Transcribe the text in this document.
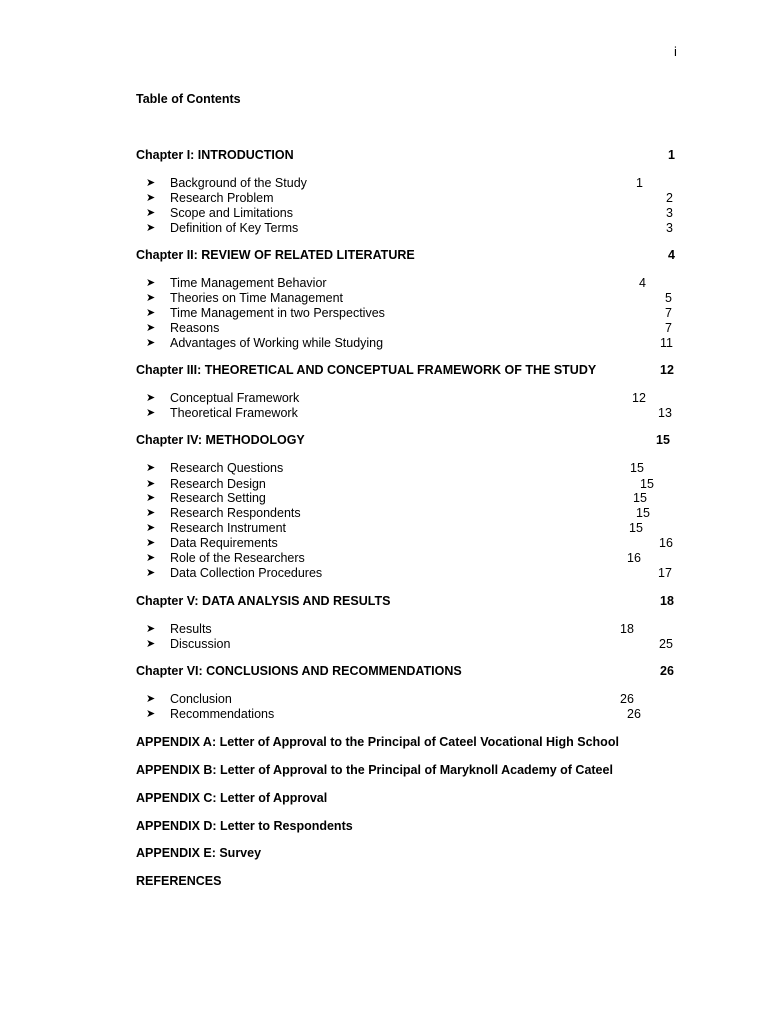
i
Table of Contents
Chapter I: INTRODUCTION	1
➤ Background of the Study	1
➤ Research Problem	2
➤ Scope and Limitations	3
➤ Definition of Key Terms	3
Chapter II: REVIEW OF RELATED LITERATURE	4
➤ Time Management Behavior	4
➤ Theories on Time Management	5
➤ Time Management in two Perspectives	7
➤ Reasons	7
➤ Advantages of Working while Studying	11
Chapter III: THEORETICAL AND CONCEPTUAL FRAMEWORK OF THE STUDY	12
➤ Conceptual Framework	12
➤ Theoretical Framework	13
Chapter IV: METHODOLOGY	15
➤ Research Questions	15
➤ Research Design	15
➤ Research Setting	15
➤ Research Respondents	15
➤ Research Instrument	15
➤ Data Requirements	16
➤ Role of the Researchers	16
➤ Data Collection Procedures	17
Chapter V: DATA ANALYSIS AND RESULTS	18
➤ Results	18
➤ Discussion	25
Chapter VI: CONCLUSIONS AND RECOMMENDATIONS	26
➤ Conclusion	26
➤ Recommendations	26
APPENDIX A: Letter of Approval to the Principal of Cateel Vocational High School
APPENDIX B: Letter of Approval to the Principal of Maryknoll Academy of Cateel
APPENDIX C: Letter of Approval
APPENDIX D: Letter to Respondents
APPENDIX E: Survey
REFERENCES
